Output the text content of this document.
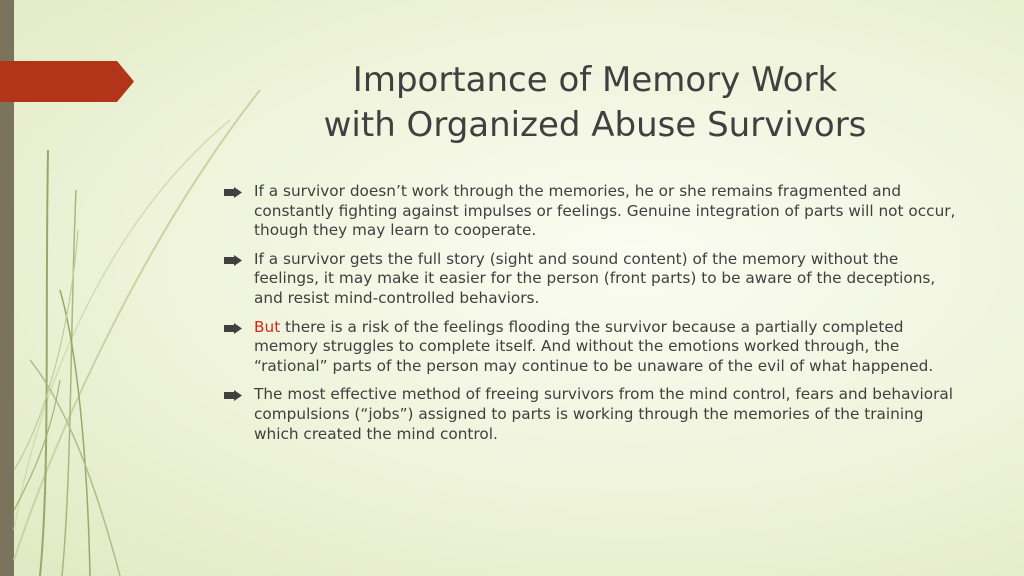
Importance of Memory Work
with Organized Abuse Survivors
If a survivor doesn’t work through the memories, he or she remains fragmented and constantly fighting against impulses or feelings. Genuine integration of parts will not occur, though they may learn to cooperate.
If a survivor gets the full story (sight and sound content) of the memory without the feelings, it may make it easier for the person (front parts) to be aware of the deceptions, and resist mind-controlled behaviors.
But there is a risk of the feelings flooding the survivor because a partially completed memory struggles to complete itself. And without the emotions worked through, the “rational” parts of the person may continue to be unaware of the evil of what happened.
The most effective method of freeing survivors from the mind control, fears and behavioral compulsions (“jobs”) assigned to parts is working through the memories of the training which created the mind control.
